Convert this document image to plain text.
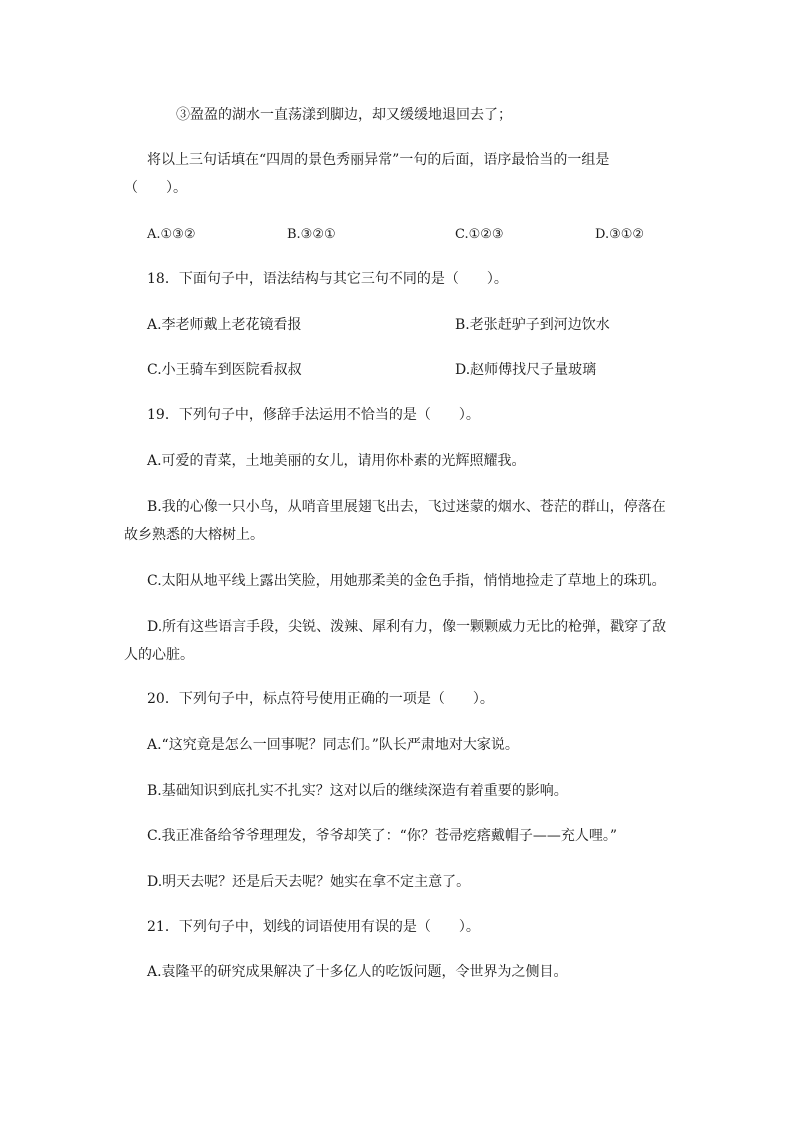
③盈盈的湖水一直荡漾到脚边，却又缓缓地退回去了；
将以上三句话填在“四周的景色秀丽异常”一句的后面，语序最恰当的一组是
（　　）。
A.①③②	B.③②①	C.①②③	D.③①②
18．下面句子中，语法结构与其它三句不同的是（　　）。
A.李老师戴上老花镜看报	B.老张赶驴子到河边饮水
C.小王骑车到医院看叔叔	D.赵师傅找尺子量玻璃
19．下列句子中，修辞手法运用不恰当的是（　　）。
A.可爱的青菜，土地美丽的女儿，请用你朴素的光辉照耀我。
B.我的心像一只小鸟，从哨音里展翅飞出去，飞过迷蒙的烟水、苍茫的群山，停落在
故乡熟悉的大榕树上。
C.太阳从地平线上露出笑脸，用她那柔美的金色手指，悄悄地捡走了草地上的珠玑。
D.所有这些语言手段，尖锐、泼辣、犀利有力，像一颗颗威力无比的枪弹，戳穿了敌
人的心脏。
20．下列句子中，标点符号使用正确的一项是（　　）。
A.“这究竟是怎么一回事呢？同志们。”队长严肃地对大家说。
B.基础知识到底扎实不扎实？这对以后的继续深造有着重要的影响。
C.我正准备给爷爷理理发，爷爷却笑了：“你？苍帚疙瘩戴帽子——充人哩。”
D.明天去呢？还是后天去呢？她实在拿不定主意了。
21．下列句子中，划线的词语使用有误的是（　　）。
A.袁隆平的研究成果解决了十多亿人的吃饭问题，令世界为之侧目。
